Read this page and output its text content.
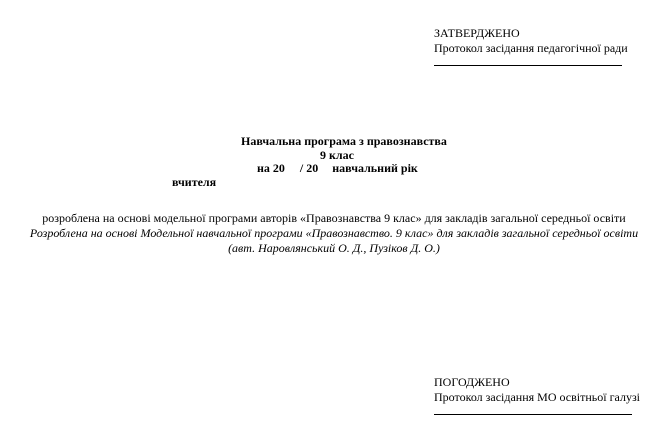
ЗАТВЕРДЖЕНО
Протокол засідання педагогічної ради
Навчальна програма з правознавства
9 клас
на 20 / 20 навчальний рік
вчителя
розроблена на основі модельної програми авторів «Правознавства 9 клас» для закладів загальної середньої освіти Розроблена на основі Модельної навчальної програми «Правознавство. 9 клас» для закладів загальної середньої освіти
(авт. Наровлянський О. Д., Пузіков Д. О.)
ПОГОДЖЕНО
Протокол засідання МО освітньої галузі
